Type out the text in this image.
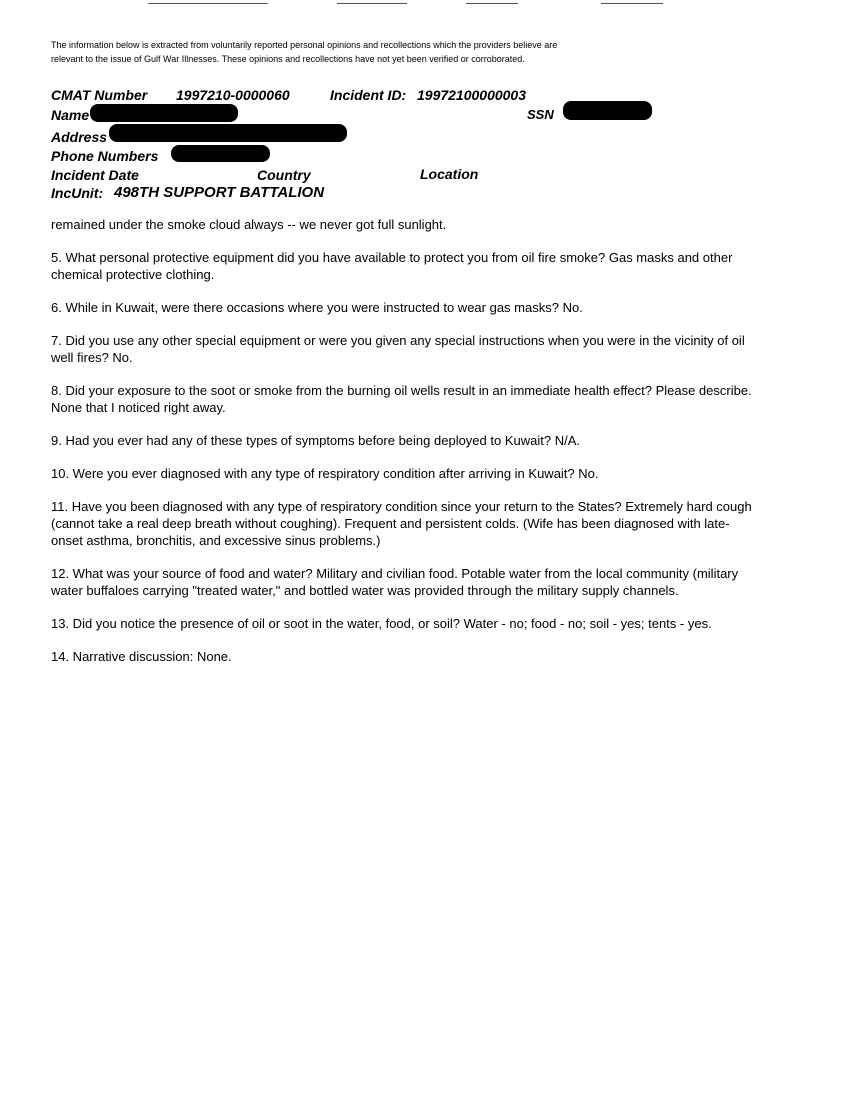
The information below is extracted from voluntarily reported personal opinions and recollections which the providers believe are relevant to the issue of Gulf War Illnesses. These opinions and recollections have not yet been verified or corroborated.
CMAT Number 1997210-0000060	Incident ID: 19972100000003
Name	SSN
Address
Phone Numbers
Incident Date	Country	Location
IncUnit: 498TH SUPPORT BATTALION

remained under the smoke cloud always -- we never got full sunlight.

5. What personal protective equipment did you have available to protect you from oil fire smoke? Gas masks and other chemical protective clothing.

6. While in Kuwait, were there occasions where you were instructed to wear gas masks? No.

7. Did you use any other special equipment or were you given any special instructions when you were in the vicinity of oil well fires? No.

8. Did your exposure to the soot or smoke from the burning oil wells result in an immediate health effect? Please describe. None that I noticed right away.

9. Had you ever had any of these types of symptoms before being deployed to Kuwait? N/A.

10. Were you ever diagnosed with any type of respiratory condition after arriving in Kuwait? No.

11. Have you been diagnosed with any type of respiratory condition since your return to the States? Extremely hard cough (cannot take a real deep breath without coughing). Frequent and persistent colds. (Wife has been diagnosed with late-onset asthma, bronchitis, and excessive sinus problems.)

12. What was your source of food and water? Military and civilian food. Potable water from the local community (military water buffaloes carrying "treated water," and bottled water was provided through the military supply channels.

13. Did you notice the presence of oil or soot in the water, food, or soil? Water - no; food - no; soil - yes; tents - yes.

14. Narrative discussion: None.
